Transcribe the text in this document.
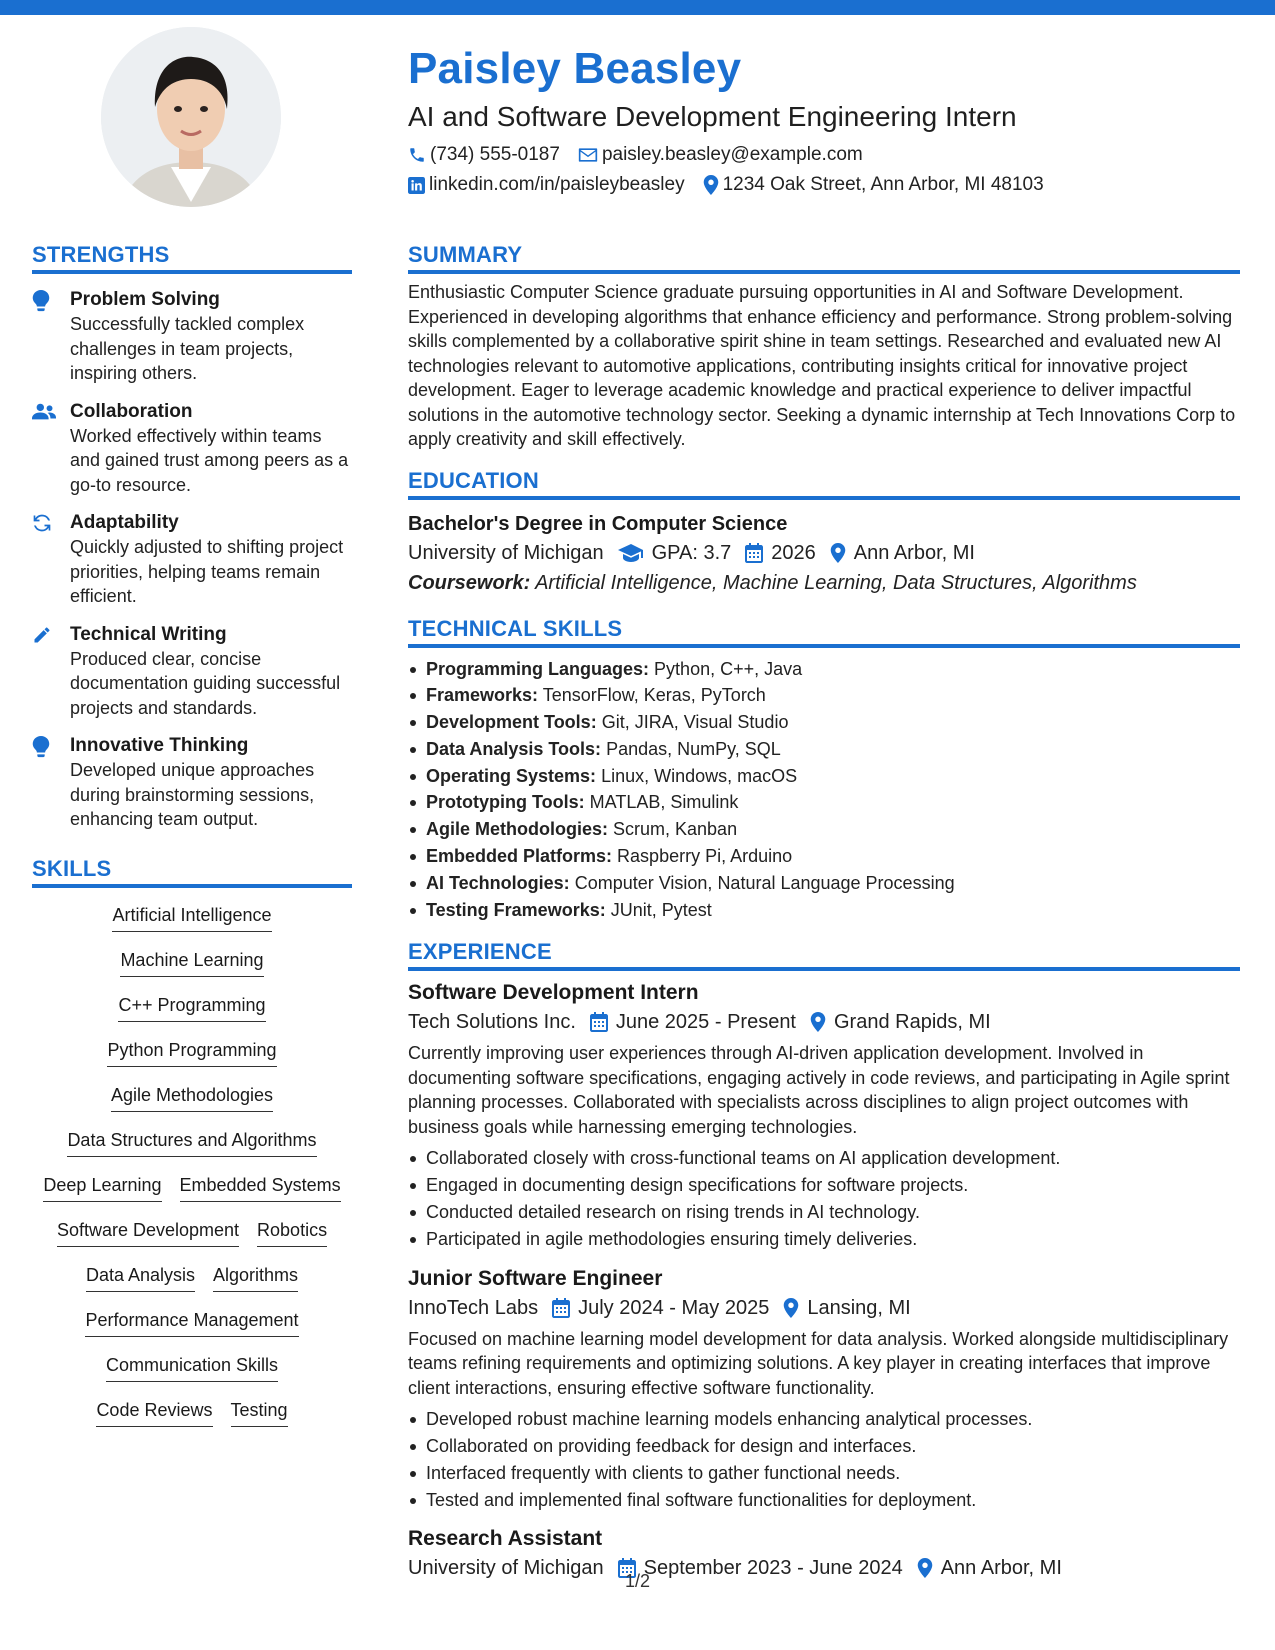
Paisley Beasley
AI and Software Development Engineering Intern
(734) 555-0187 paisley.beasley@example.com
linkedin.com/in/paisleybeasley 1234 Oak Street, Ann Arbor, MI 48103
STRENGTHS
Problem Solving
Successfully tackled complex challenges in team projects, inspiring others.
Collaboration
Worked effectively within teams and gained trust among peers as a go-to resource.
Adaptability
Quickly adjusted to shifting project priorities, helping teams remain efficient.
Technical Writing
Produced clear, concise documentation guiding successful projects and standards.
Innovative Thinking
Developed unique approaches during brainstorming sessions, enhancing team output.
SKILLS
Artificial Intelligence
Machine Learning
C++ Programming
Python Programming
Agile Methodologies
Data Structures and Algorithms
Deep Learning Embedded Systems
Software Development Robotics
Data Analysis Algorithms
Performance Management
Communication Skills
Code Reviews Testing
SUMMARY

Enthusiastic Computer Science graduate pursuing opportunities in AI and Software Development. Experienced in developing algorithms that enhance efficiency and performance. Strong problem-solving skills complemented by a collaborative spirit shine in team settings. Researched and evaluated new AI technologies relevant to automotive applications, contributing insights critical for innovative project development. Eager to leverage academic knowledge and practical experience to deliver impactful solutions in the automotive technology sector. Seeking a dynamic internship at Tech Innovations Corp to apply creativity and skill effectively.

EDUCATION
Bachelor's Degree in Computer Science
University of Michigan GPA: 3.7 2026 Ann Arbor, MI
Coursework: Artificial Intelligence, Machine Learning, Data Structures, Algorithms
TECHNICAL SKILLS
Programming Languages: Python, C++, Java
Frameworks: TensorFlow, Keras, PyTorch
Development Tools: Git, JIRA, Visual Studio
Data Analysis Tools: Pandas, NumPy, SQL
Operating Systems: Linux, Windows, macOS
Prototyping Tools: MATLAB, Simulink
Agile Methodologies: Scrum, Kanban
Embedded Platforms: Raspberry Pi, Arduino
AI Technologies: Computer Vision, Natural Language Processing
Testing Frameworks: JUnit, Pytest
EXPERIENCE
Software Development Intern
Tech Solutions Inc. June 2025 - Present Grand Rapids, MI

Currently improving user experiences through AI-driven application development. Involved in documenting software specifications, engaging actively in code reviews, and participating in Agile sprint planning processes. Collaborated with specialists across disciplines to align project outcomes with business goals while harnessing emerging technologies.

Collaborated closely with cross-functional teams on AI application development.
Engaged in documenting design specifications for software projects.
Conducted detailed research on rising trends in AI technology.
Participated in agile methodologies ensuring timely deliveries.
Junior Software Engineer
InnoTech Labs July 2024 - May 2025 Lansing, MI

Focused on machine learning model development for data analysis. Worked alongside multidisciplinary teams refining requirements and optimizing solutions. A key player in creating interfaces that improve client interactions, ensuring effective software functionality.

Developed robust machine learning models enhancing analytical processes.
Collaborated on providing feedback for design and interfaces.
Interfaced frequently with clients to gather functional needs.
Tested and implemented final software functionalities for deployment.
Research Assistant
University of Michigan September 2023 - June 2024 Ann Arbor, MI
1/2
